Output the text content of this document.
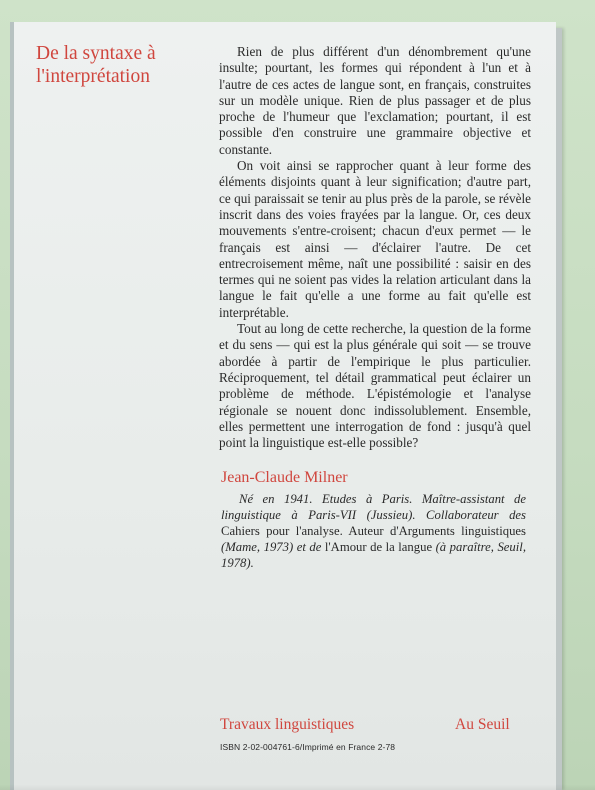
De la syntaxe à
l'interprétation

Rien de plus différent d'un dénombrement qu'une insulte; pourtant, les formes qui répondent à l'un et à l'autre de ces actes de langue sont, en français, construites sur un modèle unique. Rien de plus passager et de plus proche de l'humeur que l'exclamation; pourtant, il est possible d'en construire une grammaire objective et constante.

On voit ainsi se rapprocher quant à leur forme des éléments disjoints quant à leur signification; d'autre part, ce qui paraissait se tenir au plus près de la parole, se révèle inscrit dans des voies frayées par la langue. Or, ces deux mouvements s'entre-croisent; chacun d'eux permet — le français est ainsi — d'éclairer l'autre. De cet entrecroisement même, naît une possibilité : saisir en des termes qui ne soient pas vides la relation articulant dans la langue le fait qu'elle a une forme au fait qu'elle est interprétable.

Tout au long de cette recherche, la question de la forme et du sens — qui est la plus générale qui soit — se trouve abordée à partir de l'empirique le plus particulier. Réciproquement, tel détail grammatical peut éclairer un problème de méthode. L'épistémologie et l'analyse régionale se nouent donc indissolublement. Ensemble, elles permettent une interrogation de fond : jusqu'à quel point la linguistique est-elle possible?

Jean-Claude Milner
Né en 1941. Etudes à Paris. Maître-assistant de linguistique à Paris-VII (Jussieu). Collaborateur des Cahiers pour l'analyse. Auteur d'Arguments linguistiques (Mame, 1973) et de l'Amour de la langue (à paraître, Seuil, 1978).
Travaux linguistiques	Au Seuil
ISBN 2-02-004761-6/Imprimé en France 2-78
